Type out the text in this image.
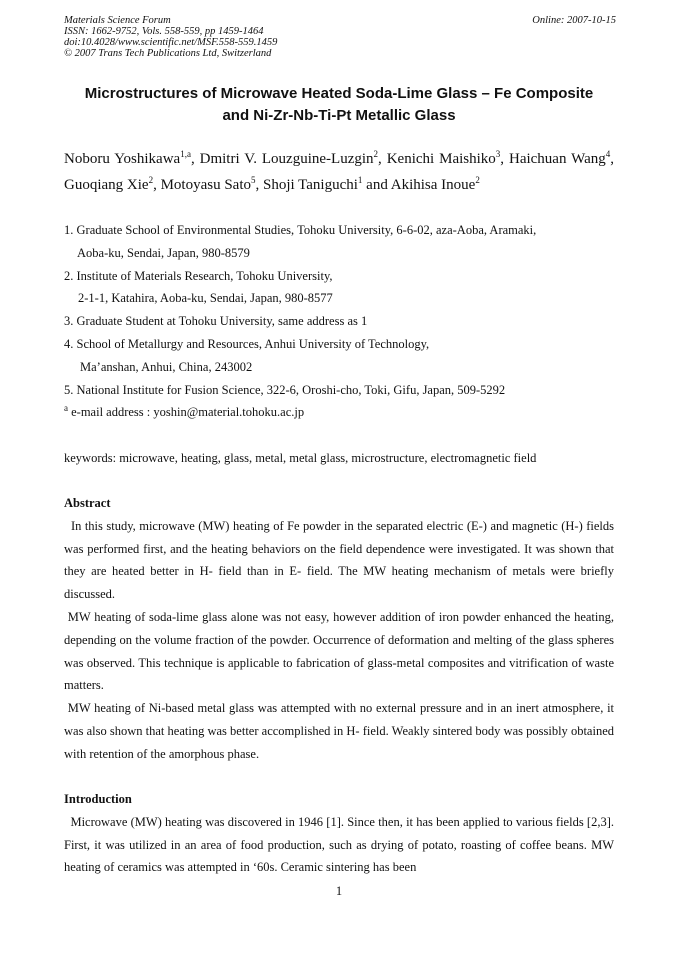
Materials Science Forum
ISSN: 1662-9752, Vols. 558-559, pp 1459-1464
doi:10.4028/www.scientific.net/MSF.558-559.1459
© 2007 Trans Tech Publications Ltd, Switzerland
Online: 2007-10-15
Microstructures of Microwave Heated Soda-Lime Glass – Fe Composite
and Ni-Zr-Nb-Ti-Pt Metallic Glass
Noboru Yoshikawa$^{1,a}$, Dmitri V. Louzguine-Luzgin$^2$, Kenichi Maishiko$^3$, Haichuan Wang$^4$, Guoqiang Xie$^2$, Motoyasu Sato$^5$, Shoji Taniguchi$^1$ and Akihisa Inoue$^2$
1. Graduate School of Environmental Studies, Tohoku University, 6-6-02, aza-Aoba, Aramaki,
Aoba-ku, Sendai, Japan, 980-8579
2. Institute of Materials Research, Tohoku University,
2-1-1, Katahira, Aoba-ku, Sendai, Japan, 980-8577
3. Graduate Student at Tohoku University, same address as 1
4. School of Metallurgy and Resources, Anhui University of Technology,
Ma’anshan, Anhui, China, 243002
5. National Institute for Fusion Science, 322-6, Oroshi-cho, Toki, Gifu, Japan, 509-5292
$^a$ e-mail address : yoshin@material.tohoku.ac.jp
keywords: microwave, heating, glass, metal, metal glass, microstructure, electromagnetic field
Abstract

In this study, microwave (MW) heating of Fe powder in the separated electric (E-) and magnetic (H-) fields was performed first, and the heating behaviors on the field dependence were investigated. It was shown that they are heated better in H- field than in E- field. The MW heating mechanism of metals were briefly discussed.

MW heating of soda-lime glass alone was not easy, however addition of iron powder enhanced the heating, depending on the volume fraction of the powder. Occurrence of deformation and melting of the glass spheres was observed. This technique is applicable to fabrication of glass-metal composites and vitrification of waste matters.

MW heating of Ni-based metal glass was attempted with no external pressure and in an inert atmosphere, it was also shown that heating was better accomplished in H- field. Weakly sintered body was possibly obtained with retention of the amorphous phase.

Introduction

Microwave (MW) heating was discovered in 1946 [1]. Since then, it has been applied to various fields [2,3]. First, it was utilized in an area of food production, such as drying of potato, roasting of coffee beans. MW heating of ceramics was attempted in ‘60s. Ceramic sintering has been

1
